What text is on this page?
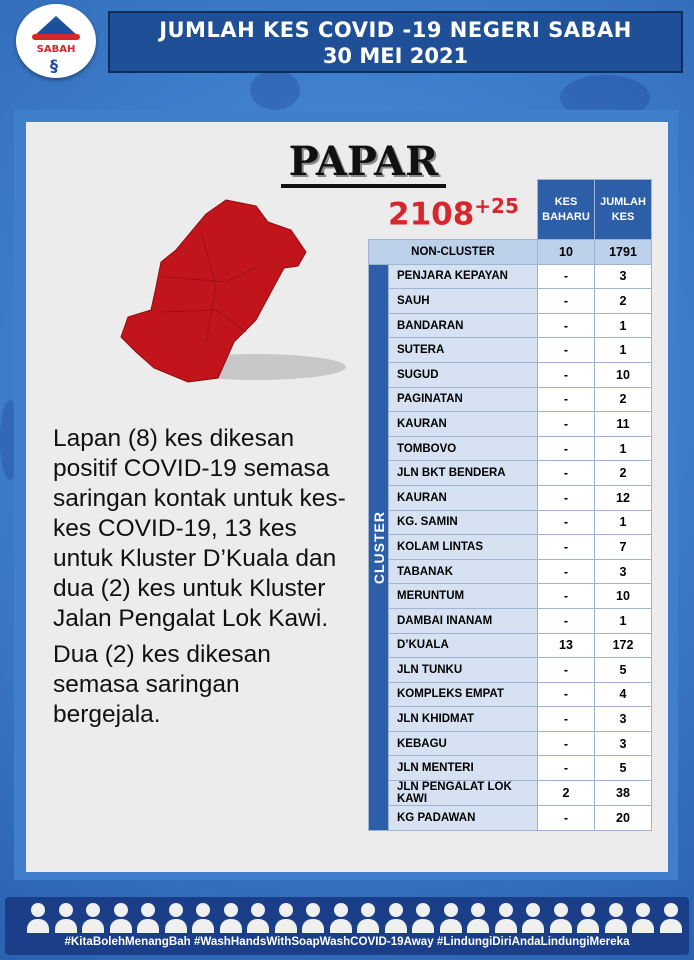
SABAH
§
JUMLAH KES COVID -19 NEGERI SABAH
30 MEI 2021
PAPAR
$2108^{+25}$

Lapan (8) kes dikesan positif COVID-19 semasa saringan kontak untuk kes-kes COVID-19, 13 kes untuk Kluster D’Kuala dan dua (2) kes untuk Kluster Jalan Pengalat Lok Kawi.

Dua (2) kes dikesan semasa saringan bergejala.

		KES BAHARU	JUMLAH KES
NON-CLUSTER		10	1791

CLUSTER	PENJARA KEPAYAN	-	3
	SAUH	-	2
	BANDARAN	-	1
	SUTERA	-	1
	SUGUD	-	10
	PAGINATAN	-	2
	KAURAN	-	11
	TOMBOVO	-	1
	JLN BKT BENDERA	-	2
	KAURAN	-	12
	KG. SAMIN	-	1
	KOLAM LINTAS	-	7
	TABANAK	-	3
	MERUNTUM	-	10
	DAMBAI INANAM	-	1
	D’KUALA	13	172
	JLN TUNKU	-	5
	KOMPLEKS EMPAT	-	4
	JLN KHIDMAT	-	3
	KEBAGU	-	3
	JLN MENTERI	-	5
	JLN PENGALAT LOK KAWI	2	38
	KG PADAWAN	-	20
#KitaBolehMenangBah #WashHandsWithSoapWashCOVID-19Away #LindungiDiriAndaLindungiMereka
